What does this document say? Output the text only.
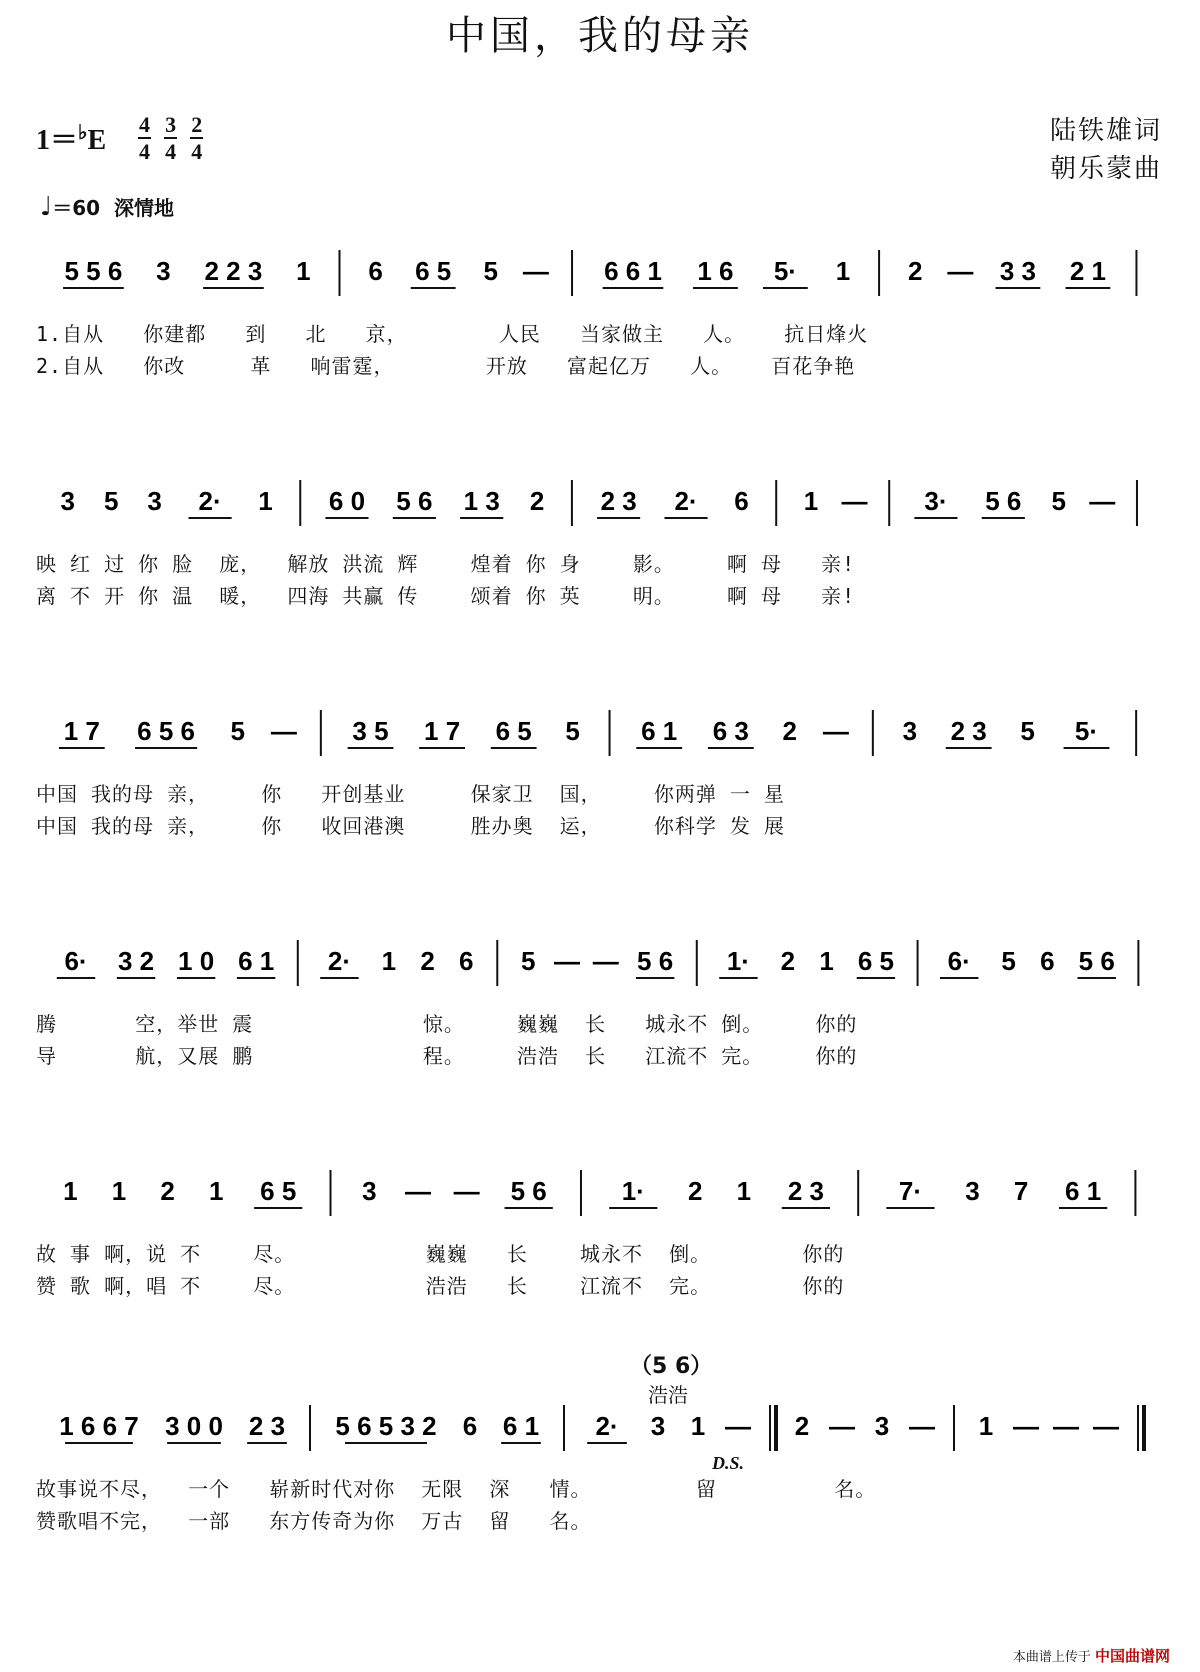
中国，我的母亲
$1=^♭E \frac{4}{4}$
$\frac{3}{4}$
$\frac{2}{4}$	陆铁雄词
朝乐蒙曲
♩＝60 深情地
5 5 6 3 2 2 3 1 6 6 5 5 — 6 6 1 1 6 5· 1 2 — 3 3 2 1
1.自从   你建都   到   北   京，       人民   当家做主   人。   抗日烽火
2.自从   你改     革   响雷霆，       开放   富起亿万   人。   百花争艳
3 5 3 2· 1 6 0 5 6 1 3 2 2 3 2· 6 1 — 3· 5 6 5 —
映 红 过 你 脸  庞，  解放 洪流 辉    煌着 你 身    影。    啊 母   亲!
离 不 开 你 温  暖，  四海 共赢 传    颂着 你 英    明。    啊 母   亲!
1 7 6 5 6 5 — 3 5 1 7 6 5 5 6 1 6 3 2 — 3 2 3 5 5·
中国 我的母 亲，    你   开创基业     保家卫  国，    你两弹 一 星
中国 我的母 亲，    你   收回港澳     胜办奥  运，    你科学 发 展
6· 3 2 1 0 6 1 2· 1 2 6 5 — — 5 6 1· 2 1 6 5 6· 5 6 5 6
腾      空，举世 震             惊。    巍巍  长   城永不 倒。    你的
导      航，又展 鹏             程。    浩浩  长   江流不 完。    你的
1 1 2 1 6 5	3 — — 5 6	1· 2 1 2 3	7· 3 7 6 1
故 事 啊，说 不    尽。          巍巍   长    城永不  倒。       你的
赞 歌 啊，唱 不    尽。          浩浩   长    江流不  完。       你的
（5 6）
浩浩
1 6 6 7 3 0 0 2 3 5 6 5 3 2 6 6 1 2· 3 1 — 2 — 3 — 1 — — —
D.S.
故事说不尽，  一个   崭新时代对你  无限  深   情。        留         名。
赞歌唱不完，  一部   东方传奇为你  万古  留   名。
本曲谱上传于 中国曲谱网
